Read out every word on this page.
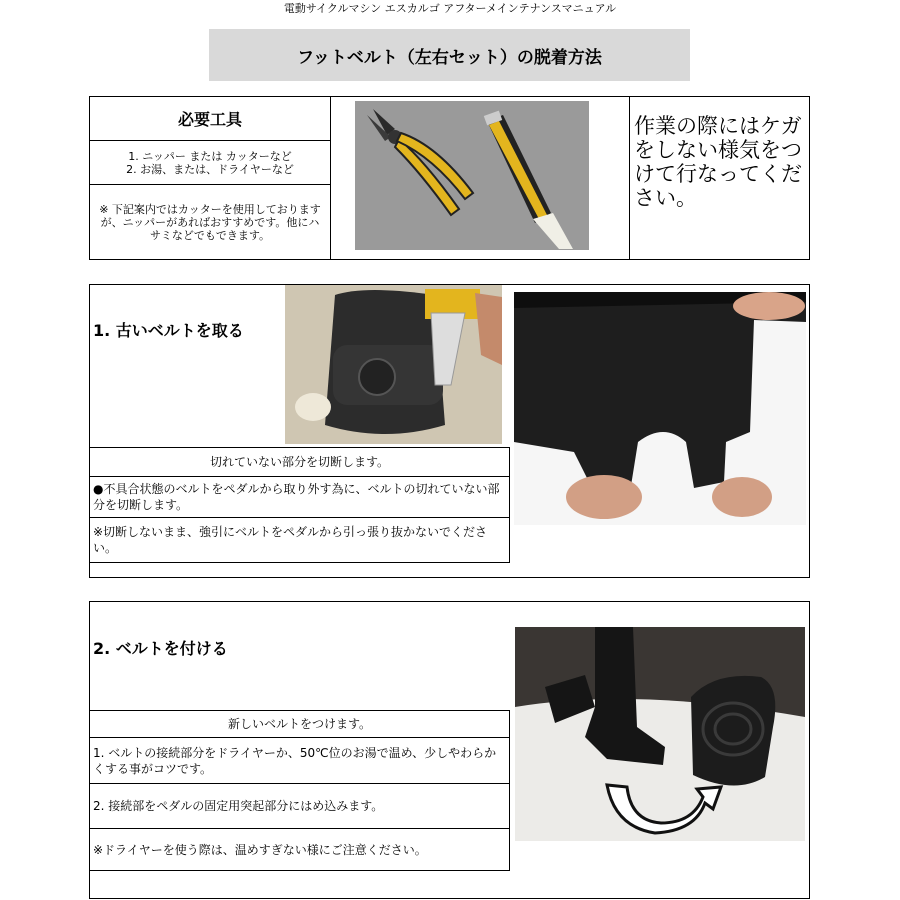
電動サイクルマシン エスカルゴ アフターメインテナンスマニュアル
フットベルト（左右セット）の脱着方法
必要工具
1. ニッパー または カッターなど
2. お湯、または、ドライヤーなど
※ 下記案内ではカッターを使用しておりますが、ニッパーがあればおすすめです。他にハサミなどでもできます。
作業の際にはケガをしない様気をつけて行なってください。
1. 古いベルトを取る
切れていない部分を切断します。
●不具合状態のベルトをペダルから取り外す為に、ベルトの切れていない部分を切断します。
※切断しないまま、強引にベルトをペダルから引っ張り抜かないでください。
2. ベルトを付ける
新しいベルトをつけます。
1. ベルトの接続部分をドライヤーか、50℃位のお湯で温め、少しやわらかくする事がコツです。
2. 接続部をペダルの固定用突起部分にはめ込みます。
※ドライヤーを使う際は、温めすぎない様にご注意ください。
